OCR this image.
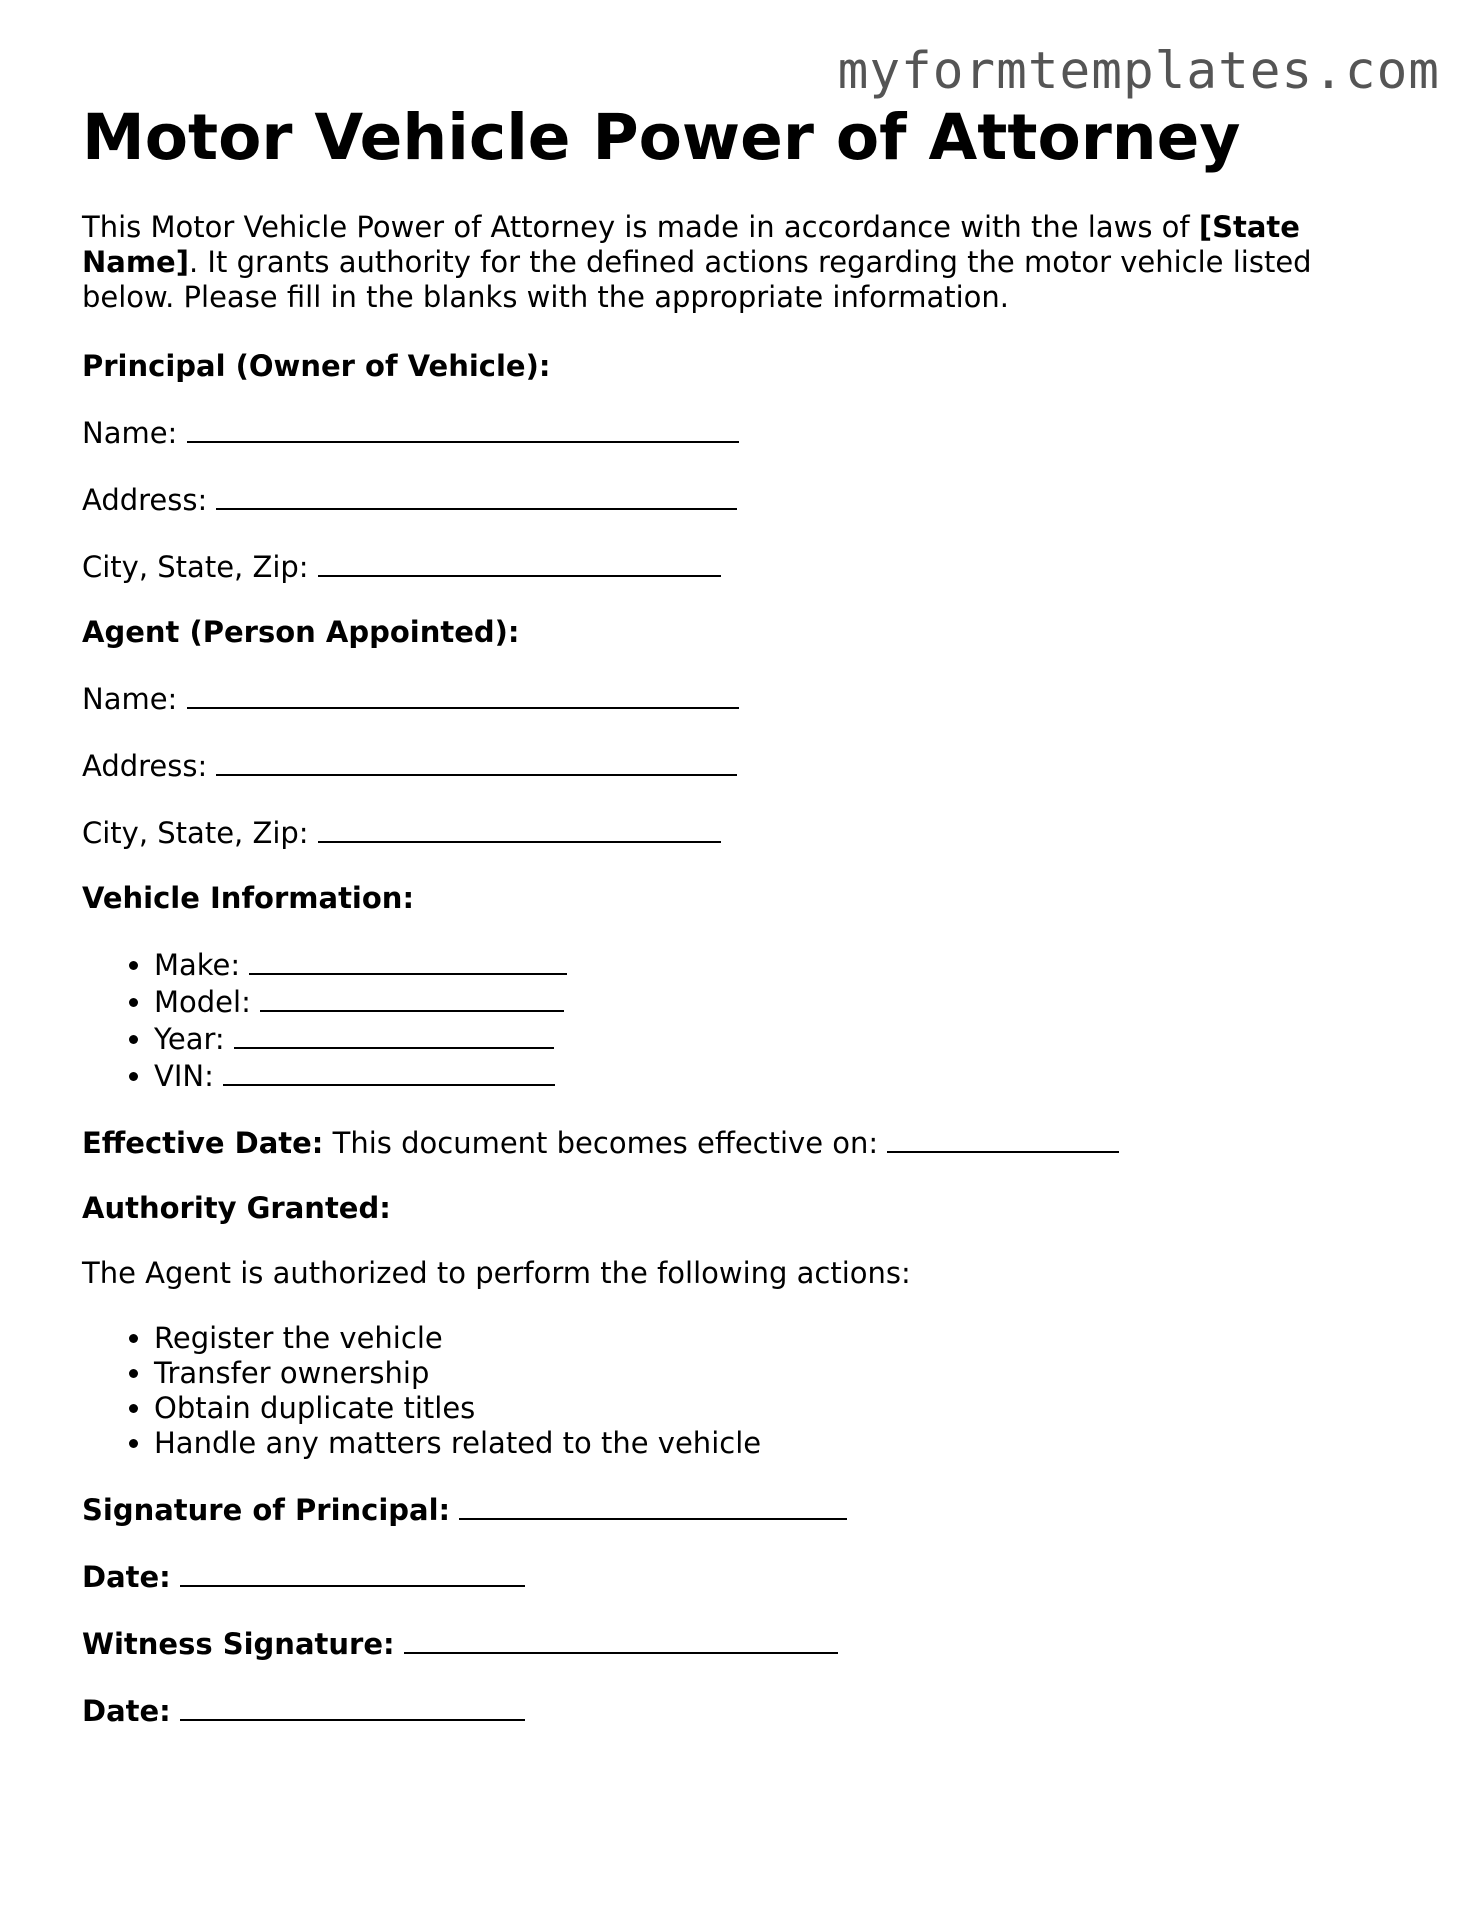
myformtemplates.com
Motor Vehicle Power of Attorney

This Motor Vehicle Power of Attorney is made in accordance with the laws of [State Name]. It grants authority for the defined actions regarding the motor vehicle listed below. Please fill in the blanks with the appropriate information.

Principal (Owner of Vehicle):

Name:

Address:

City, State, Zip:

Agent (Person Appointed):

Name:

Address:

City, State, Zip:

Vehicle Information:

• Make:
• Model:
• Year:
• VIN:

Effective Date: This document becomes effective on:

Authority Granted:

The Agent is authorized to perform the following actions:

• Register the vehicle
• Transfer ownership
• Obtain duplicate titles
• Handle any matters related to the vehicle

Signature of Principal:

Date:

Witness Signature:

Date:
